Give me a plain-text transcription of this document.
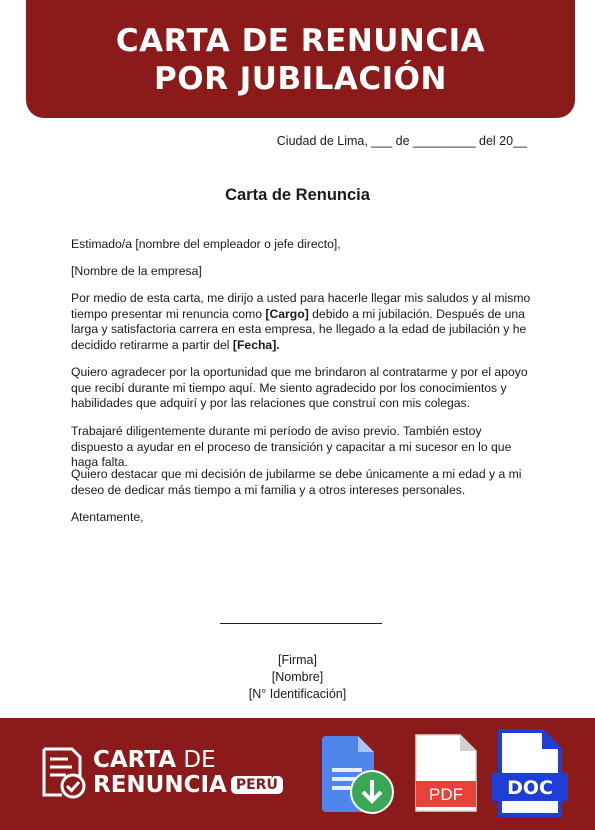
CARTA DE RENUNCIA
POR JUBILACIÓN
Ciudad de Lima, ___ de _________ del 20__
Carta de Renuncia

Estimado/a [nombre del empleador o jefe directo],

[Nombre de la empresa]

Por medio de esta carta, me dirijo a usted para hacerle llegar mis saludos y al mismo tiempo presentar mi renuncia como [Cargo] debido a mi jubilación. Después de una larga y satisfactoria carrera en esta empresa, he llegado a la edad de jubilación y he decidido retirarme a partir del [Fecha].

Quiero agradecer por la oportunidad que me brindaron al contratarme y por el apoyo que recibí durante mi tiempo aquí. Me siento agradecido por los conocimientos y habilidades que adquirí y por las relaciones que construí con mis colegas.

Trabajaré diligentemente durante mi período de aviso previo. También estoy dispuesto a ayudar en el proceso de transición y capacitar a mi sucesor en lo que haga falta.

Quiero destacar que mi decisión de jubilarme se debe únicamente a mi edad y a mi deseo de dedicar más tiempo a mi familia y a otros intereses personales.

Atentamente,

[Firma]
[Nombre]
[N° Identificación]
CARTA DE
RENUNCIA PERÚ	PDF DOC
